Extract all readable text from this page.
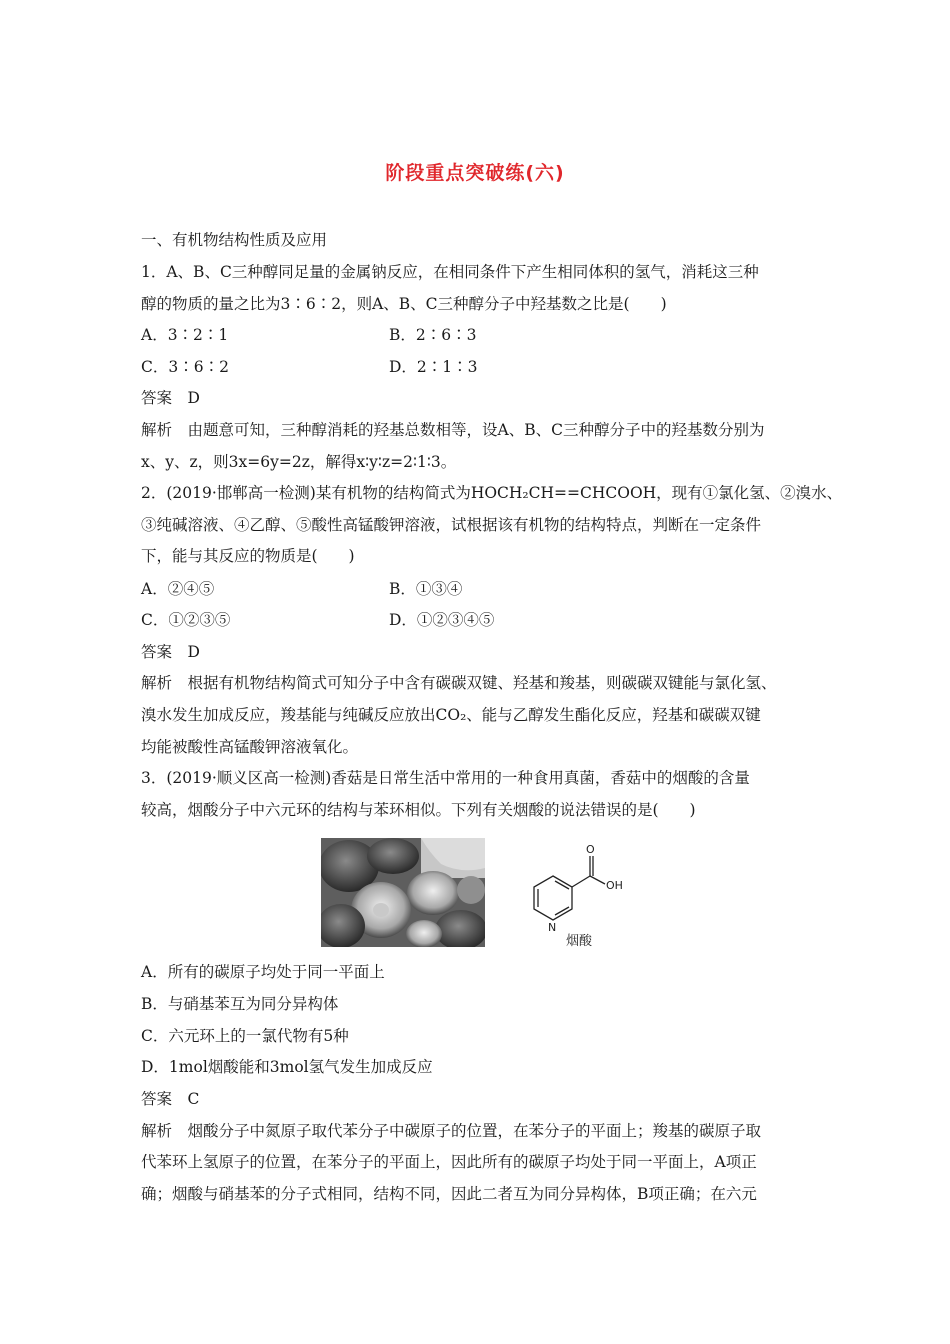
阶段重点突破练(六)
一、有机物结构性质及应用
1．A、B、C三种醇同足量的金属钠反应，在相同条件下产生相同体积的氢气，消耗这三种
醇的物质的量之比为3∶6∶2，则A、B、C三种醇分子中羟基数之比是(　　)
A．3∶2∶1	B．2∶6∶3
C．3∶6∶2	D．2∶1∶3
答案　D
解析　由题意可知，三种醇消耗的羟基总数相等，设A、B、C三种醇分子中的羟基数分别为
x、y、z，则3x=6y=2z，解得x∶y∶z=2∶1∶3。
2．(2019·邯郸高一检测)某有机物的结构简式为HOCH₂CH==CHCOOH，现有①氯化氢、②溴水、
③纯碱溶液、④乙醇、⑤酸性高锰酸钾溶液，试根据该有机物的结构特点，判断在一定条件
下，能与其反应的物质是(　　)
A．②④⑤	B．①③④
C．①②③⑤	D．①②③④⑤
答案　D
解析　根据有机物结构简式可知分子中含有碳碳双键、羟基和羧基，则碳碳双键能与氯化氢、
溴水发生加成反应，羧基能与纯碱反应放出CO₂、能与乙醇发生酯化反应，羟基和碳碳双键
均能被酸性高锰酸钾溶液氧化。
3．(2019·顺义区高一检测)香菇是日常生活中常用的一种食用真菌，香菇中的烟酸的含量
较高，烟酸分子中六元环的结构与苯环相似。下列有关烟酸的说法错误的是(　　)
O
OH
N
烟酸
A．所有的碳原子均处于同一平面上
B．与硝基苯互为同分异构体
C．六元环上的一氯代物有5种
D．1mol烟酸能和3mol氢气发生加成反应
答案　C
解析　烟酸分子中氮原子取代苯分子中碳原子的位置，在苯分子的平面上；羧基的碳原子取
代苯环上氢原子的位置，在苯分子的平面上，因此所有的碳原子均处于同一平面上，A项正
确；烟酸与硝基苯的分子式相同，结构不同，因此二者互为同分异构体，B项正确；在六元
